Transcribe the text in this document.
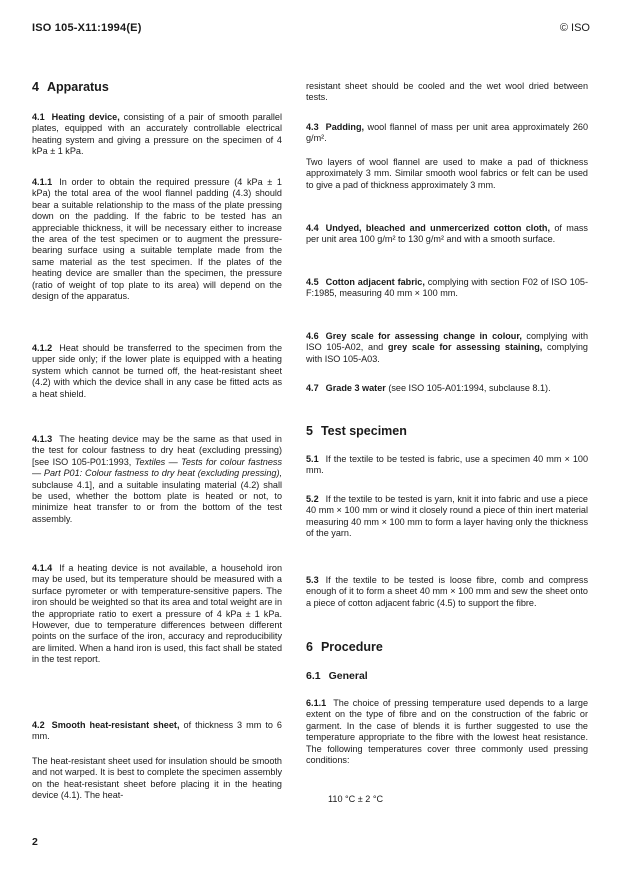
ISO 105-X11:1994(E)	© ISO
4 Apparatus

4.1 Heating device, consisting of a pair of smooth parallel plates, equipped with an accurately controllable electrical heating system and giving a pressure on the specimen of 4 kPa ± 1 kPa.

4.1.1 In order to obtain the required pressure (4 kPa ± 1 kPa) the total area of the wool flannel padding (4.3) should bear a suitable relationship to the mass of the plate pressing down on the padding. If the fabric to be tested has an appreciable thickness, it will be necessary either to increase the area of the test specimen or to augment the pressure-bearing surface using a suitable template made from the same material as the test specimen. If the plates of the heating device are smaller than the specimen, the pressure (ratio of weight of top plate to its area) will depend on the design of the apparatus.

4.1.2 Heat should be transferred to the specimen from the upper side only; if the lower plate is equipped with a heating system which cannot be turned off, the heat-resistant sheet (4.2) with which the device shall in any case be fitted acts as a heat shield.

4.1.3 The heating device may be the same as that used in the test for colour fastness to dry heat (excluding pressing) [see ISO 105-P01:1993, Textiles — Tests for colour fastness — Part P01: Colour fastness to dry heat (excluding pressing), subclause 4.1], and a suitable insulating material (4.2) shall be used, whether the bottom plate is heated or not, to minimize heat transfer to or from the bottom of the test assembly.

4.1.4 If a heating device is not available, a household iron may be used, but its temperature should be measured with a surface pyrometer or with temperature-sensitive papers. The iron should be weighted so that its area and total weight are in the appropriate ratio to exert a pressure of 4 kPa ± 1 kPa. However, due to temperature differences between different points on the surface of the iron, accuracy and reproducibility are limited. When a hand iron is used, this fact shall be stated in the test report.

4.2 Smooth heat-resistant sheet, of thickness 3 mm to 6 mm.

The heat-resistant sheet used for insulation should be smooth and not warped. It is best to complete the specimen assembly on the heat-resistant sheet before placing it in the heating device (4.1). The heat-

resistant sheet should be cooled and the wet wool dried between tests.

4.3 Padding, wool flannel of mass per unit area approximately 260 g/m².

Two layers of wool flannel are used to make a pad of thickness approximately 3 mm. Similar smooth wool fabrics or felt can be used to give a pad of thickness approximately 3 mm.

4.4 Undyed, bleached and unmercerized cotton cloth, of mass per unit area 100 g/m² to 130 g/m² and with a smooth surface.

4.5 Cotton adjacent fabric, complying with section F02 of ISO 105-F:1985, measuring 40 mm × 100 mm.

4.6 Grey scale for assessing change in colour, complying with ISO 105-A02, and grey scale for assessing staining, complying with ISO 105-A03.

4.7 Grade 3 water (see ISO 105-A01:1994, subclause 8.1).

5 Test specimen

5.1 If the textile to be tested is fabric, use a specimen 40 mm × 100 mm.

5.2 If the textile to be tested is yarn, knit it into fabric and use a piece 40 mm × 100 mm or wind it closely round a piece of thin inert material measuring 40 mm × 100 mm to form a layer having only the thickness of the yarn.

5.3 If the textile to be tested is loose fibre, comb and compress enough of it to form a sheet 40 mm × 100 mm and sew the sheet onto a piece of cotton adjacent fabric (4.5) to support the fibre.

6 Procedure
6.1 General

6.1.1 The choice of pressing temperature used depends to a large extent on the type of fibre and on the construction of the fabric or garment. In the case of blends it is further suggested to use the temperature appropriate to the fibre with the lowest heat resistance. The following temperatures cover three commonly used pressing conditions:

110 °C ± 2 °C

2
